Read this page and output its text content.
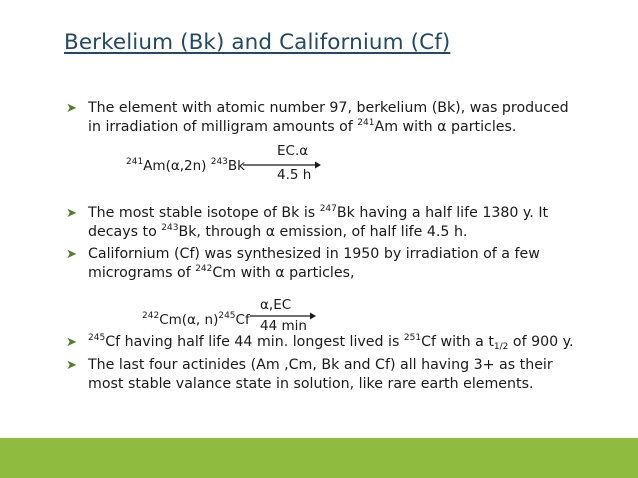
Berkelium (Bk) and Californium (Cf)
➤ The element with atomic number 97, berkelium (Bk), was produced
in irradiation of milligram amounts of $^{241}$Am with α particles.
$^{241}$Am(α,2n) $^{243}$Bk
EC.α
4.5 h
➤ The most stable isotope of Bk is $^{247}$Bk having a half life 1380 y. It
decays to $^{243}$Bk, through α emission, of half life 4.5 h.
➤ Californium (Cf) was synthesized in 1950 by irradiation of a few
micrograms of $^{242}$Cm with α particles,
$^{242}$Cm(α, n)$^{245}$Cf
α,EC
44 min
➤ $^{245}$Cf having half life 44 min. longest lived is $^{251}$Cf with a $t_{1/2}$ of 900 y.
➤ The last four actinides (Am ,Cm, Bk and Cf) all having 3+ as their
most stable valance state in solution, like rare earth elements.
